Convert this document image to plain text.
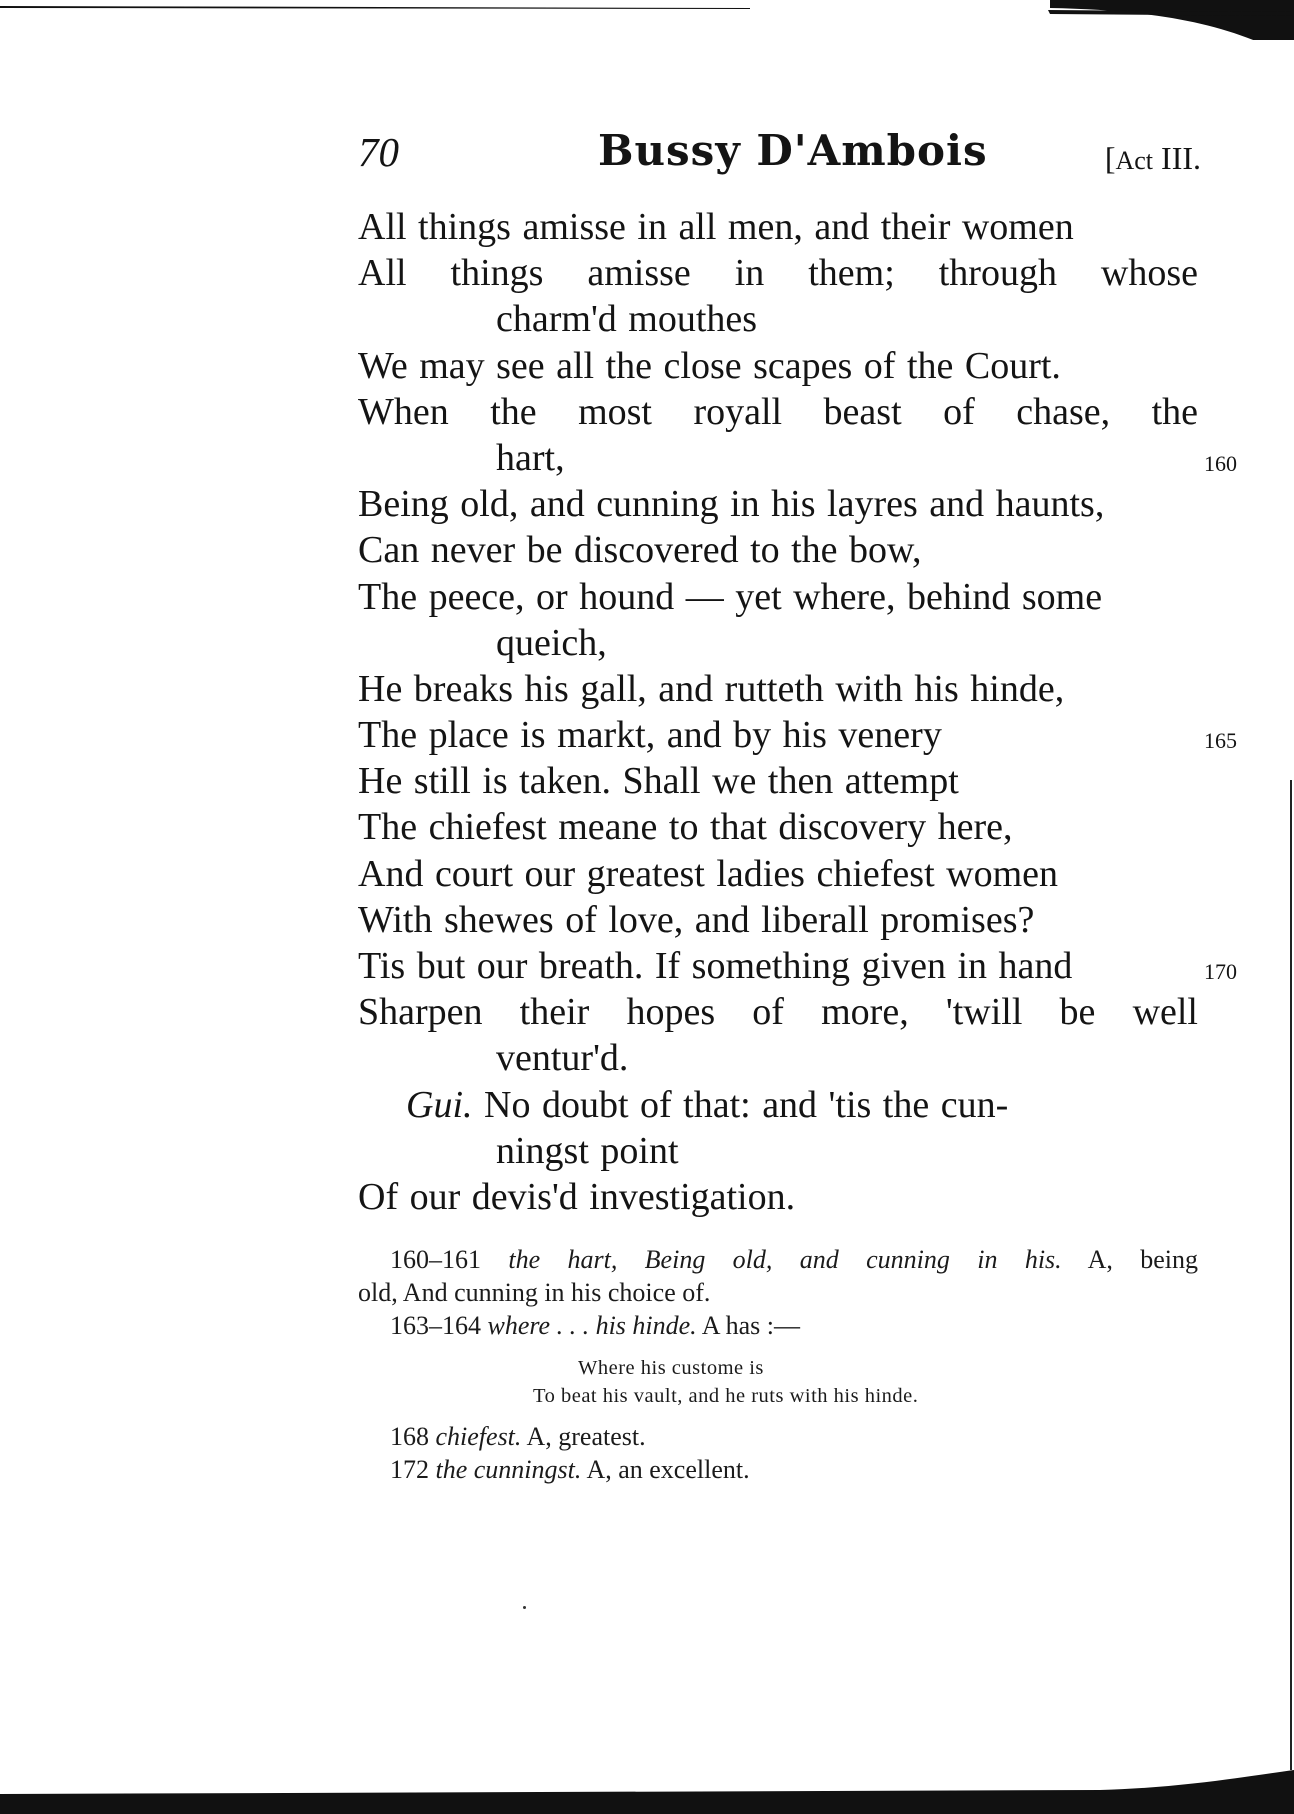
70	Bussy D'Ambois	[Act III.
All things amisse in all men, and their women
All things amisse in them; through whose
charm'd mouthes
We may see all the close scapes of the Court.
When the most royall beast of chase, the
hart,	160
Being old, and cunning in his layres and haunts,
Can never be discovered to the bow,
The peece, or hound — yet where, behind some
queich,
He breaks his gall, and rutteth with his hinde,
The place is markt, and by his venery	165
He still is taken. Shall we then attempt
The chiefest meane to that discovery here,
And court our greatest ladies chiefest women
With shewes of love, and liberall promises?
Tis but our breath. If something given in hand	170
Sharpen their hopes of more, 'twill be well
ventur'd.
Gui. No doubt of that: and 'tis the cun-
ningst point
Of our devis'd investigation.
160–161 the hart, Being old, and cunning in his. A, being
old, And cunning in his choice of.
163–164 where . . . his hinde. A has :—
Where his custome is
To beat his vault, and he ruts with his hinde.
168 chiefest. A, greatest.
172 the cunningst. A, an excellent.
